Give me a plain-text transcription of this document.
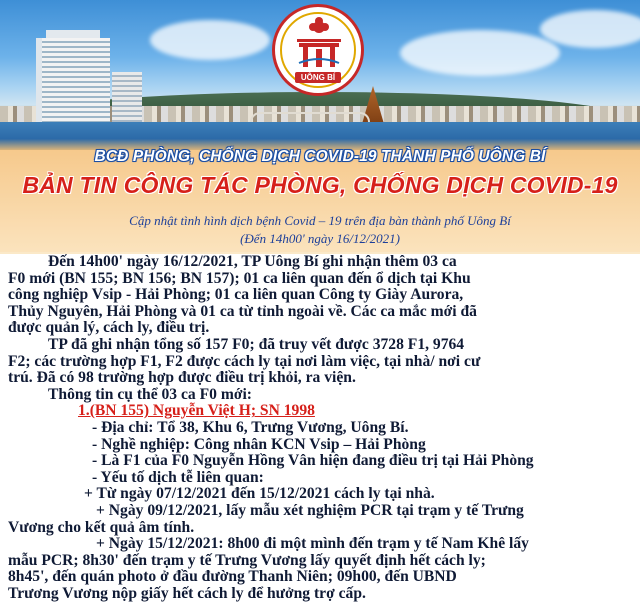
UÔNG BÍ
BCĐ PHÒNG, CHỐNG DỊCH COVID-19 THÀNH PHỐ UÔNG BÍ
BẢN TIN CÔNG TÁC PHÒNG, CHỐNG DỊCH COVID-19
Cập nhật tình hình dịch bệnh Covid – 19 trên địa bàn thành phố Uông Bí
(Đến 14h00' ngày 16/12/2021)

Đến 14h00' ngày 16/12/2021, TP Uông Bí ghi nhận thêm 03 ca

F0 mới (BN 155; BN 156; BN 157); 01 ca liên quan đến ổ dịch tại Khu

công nghiệp Vsip - Hải Phòng; 01 ca liên quan Công ty Giày Aurora,

Thủy Nguyên, Hải Phòng và 01 ca từ tỉnh ngoài về. Các ca mắc mới đã

được quản lý, cách ly, điều trị.

TP đã ghi nhận tổng số 157 F0; đã truy vết được 3728 F1, 9764

F2; các trường hợp F1, F2 được cách ly tại nơi làm việc, tại nhà/ nơi cư

trú. Đã có 98 trường hợp được điều trị khỏi, ra viện.

Thông tin cụ thể 03 ca F0 mới:

1.(BN 155) Nguyễn Việt H; SN 1998

- Địa chỉ: Tổ 38, Khu 6, Trưng Vương, Uông Bí.

- Nghề nghiệp: Công nhân KCN Vsip – Hải Phòng

- Là F1 của F0 Nguyễn Hồng Vân hiện đang điều trị tại Hải Phòng

- Yếu tố dịch tễ liên quan:

+ Từ ngày 07/12/2021 đến 15/12/2021 cách ly tại nhà.

+ Ngày 09/12/2021, lấy mẫu xét nghiệm PCR tại trạm y tế Trưng

Vương cho kết quả âm tính.

+ Ngày 15/12/2021: 8h00 đi một mình đến trạm y tế Nam Khê lấy

mẫu PCR; 8h30' đến trạm y tế Trưng Vương lấy quyết định hết cách ly;

8h45', đến quán photo ở đầu đường Thanh Niên; 09h00, đến UBND

Trương Vương nộp giấy hết cách ly để hưởng trợ cấp.
